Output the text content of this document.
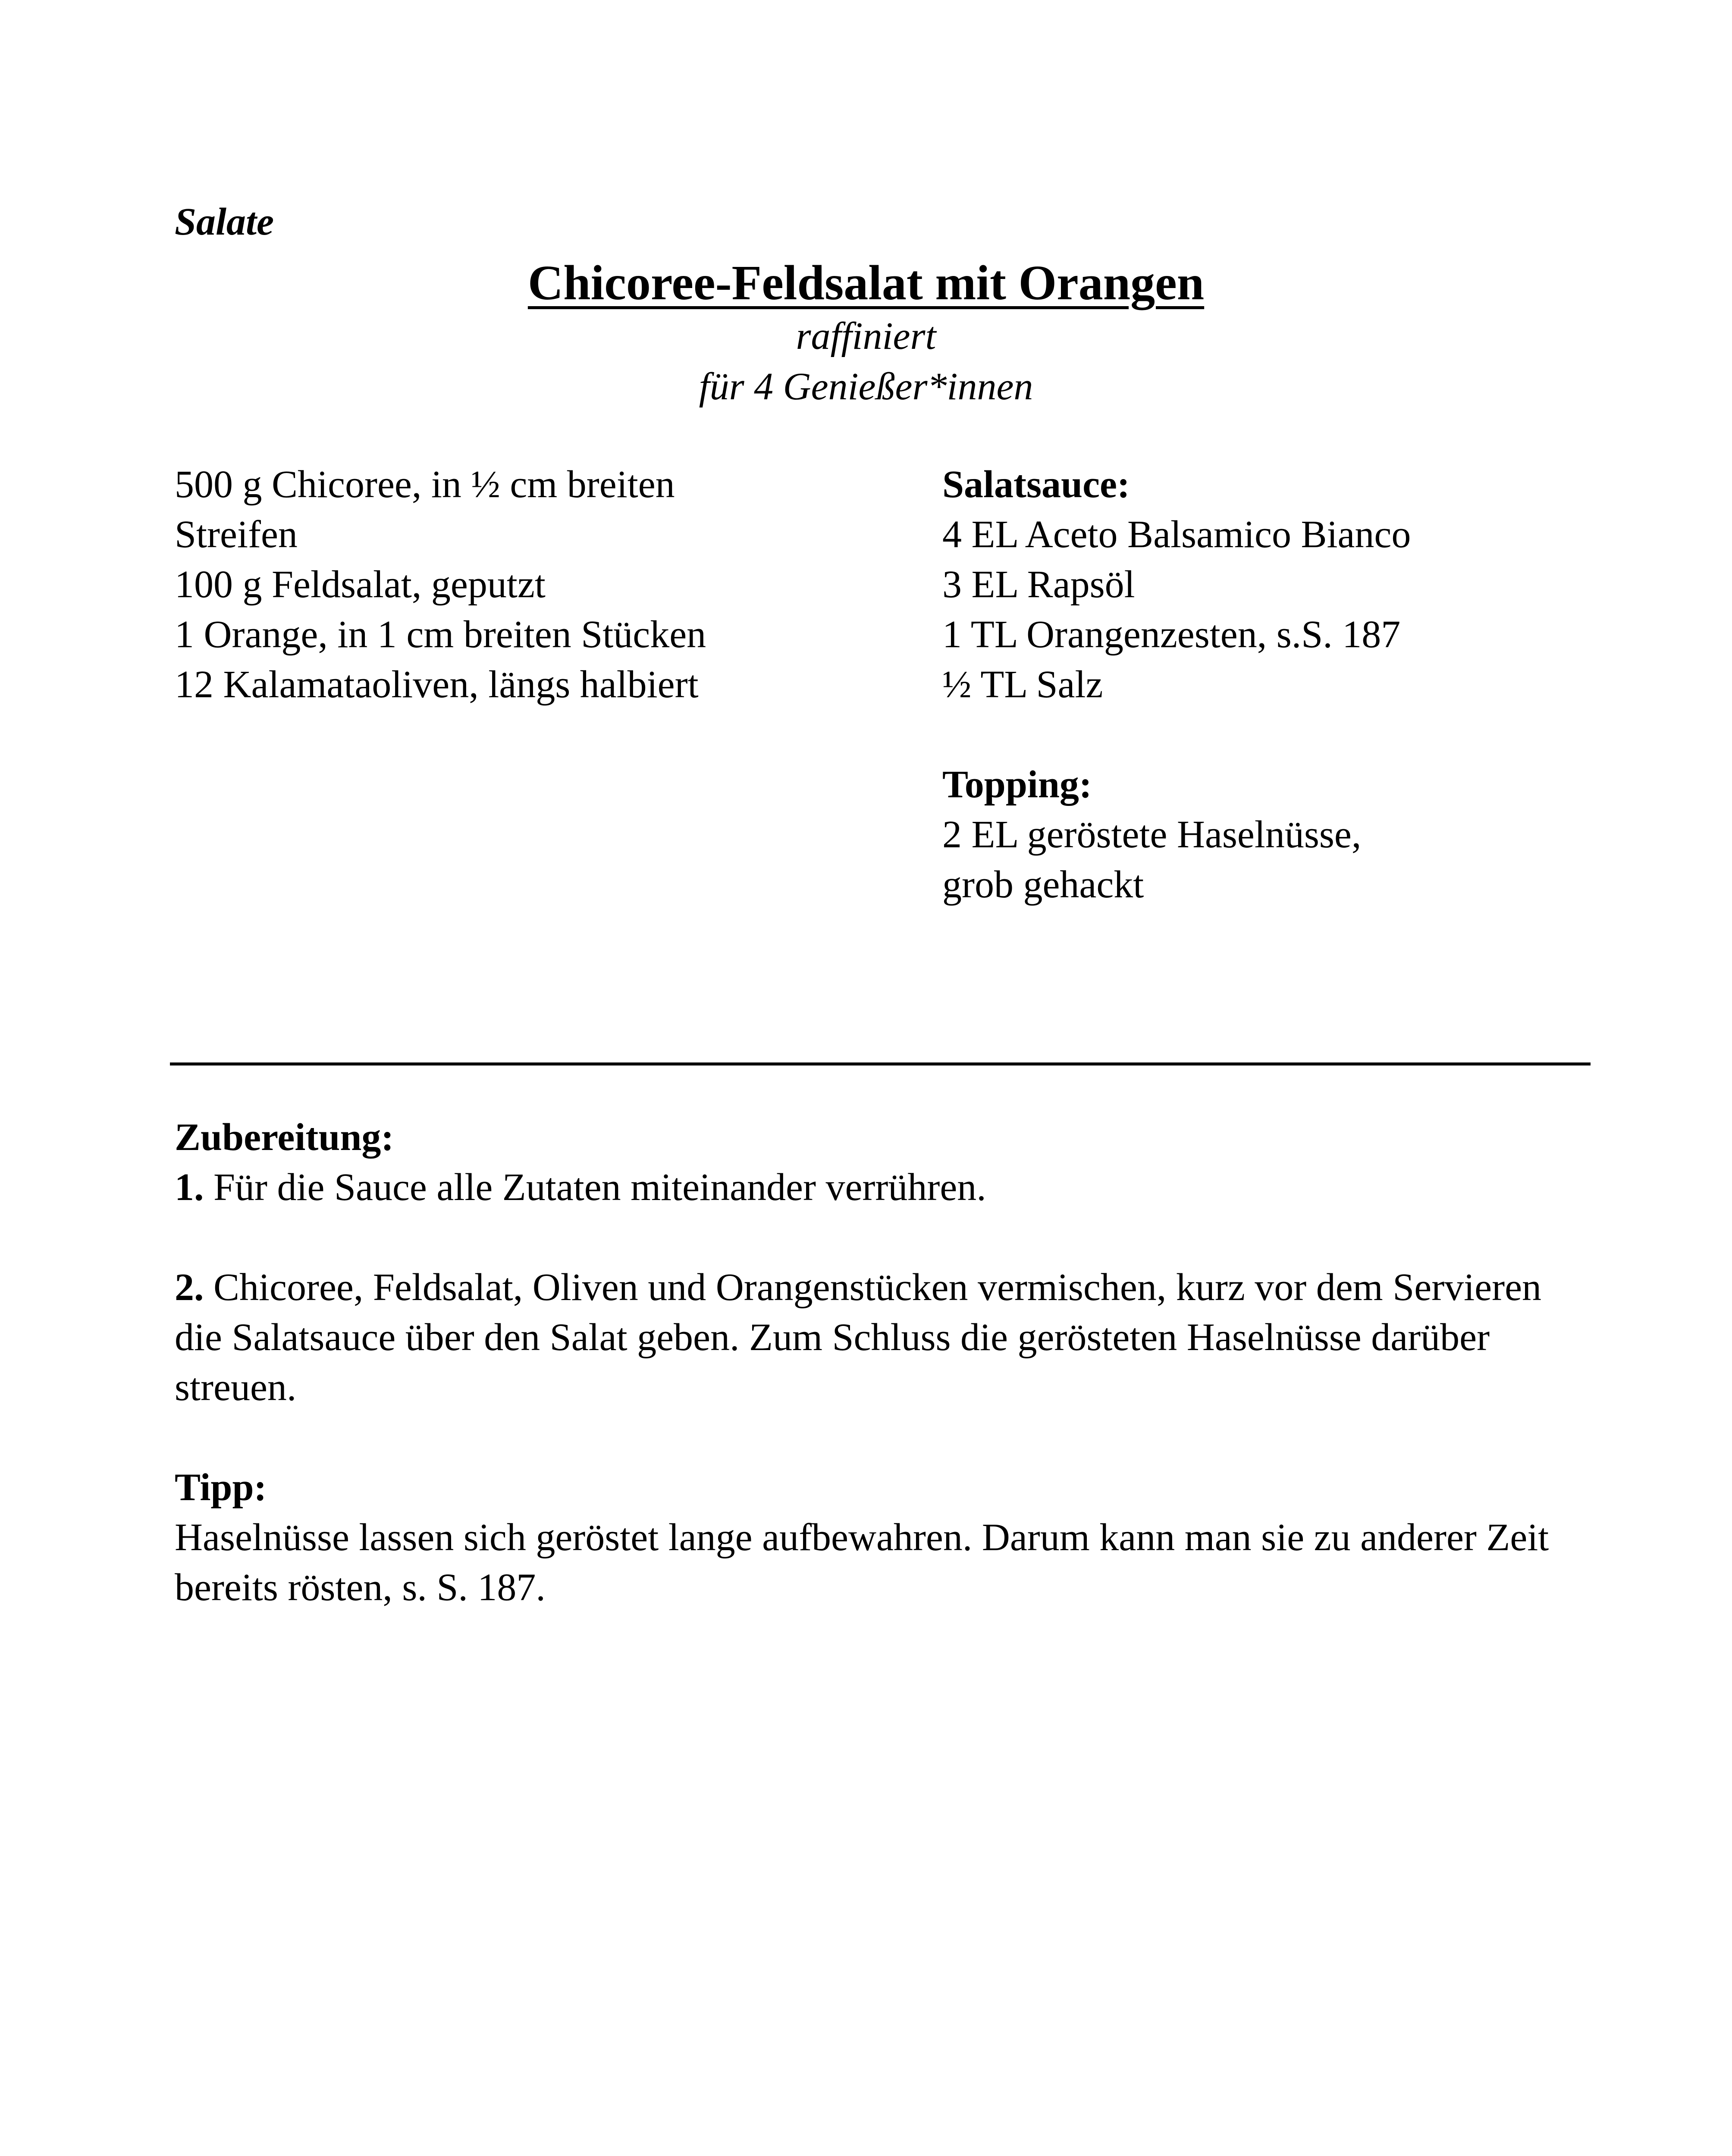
Salate
Chicoree-Feldsalat mit Orangen
raffiniert
für 4 Genießer*innen
500 g Chicoree, in ½ cm breiten
Streifen
100 g Feldsalat, geputzt
1 Orange, in 1 cm breiten Stücken
12 Kalamataoliven, längs halbiert
Salatsauce:
4 EL Aceto Balsamico Bianco
3 EL Rapsöl
1 TL Orangenzesten, s.S. 187
½ TL Salz
Topping:
2 EL geröstete Haselnüsse,
grob gehackt

Zubereitung:

1. Für die Sauce alle Zutaten miteinander verrühren.

2. Chicoree, Feldsalat, Oliven und Orangenstücken vermischen, kurz vor dem Servieren die Salatsauce über den Salat geben. Zum Schluss die gerösteten Haselnüsse darüber streuen.

Tipp:

Haselnüsse lassen sich geröstet lange aufbewahren. Darum kann man sie zu anderer Zeit bereits rösten, s. S. 187.
